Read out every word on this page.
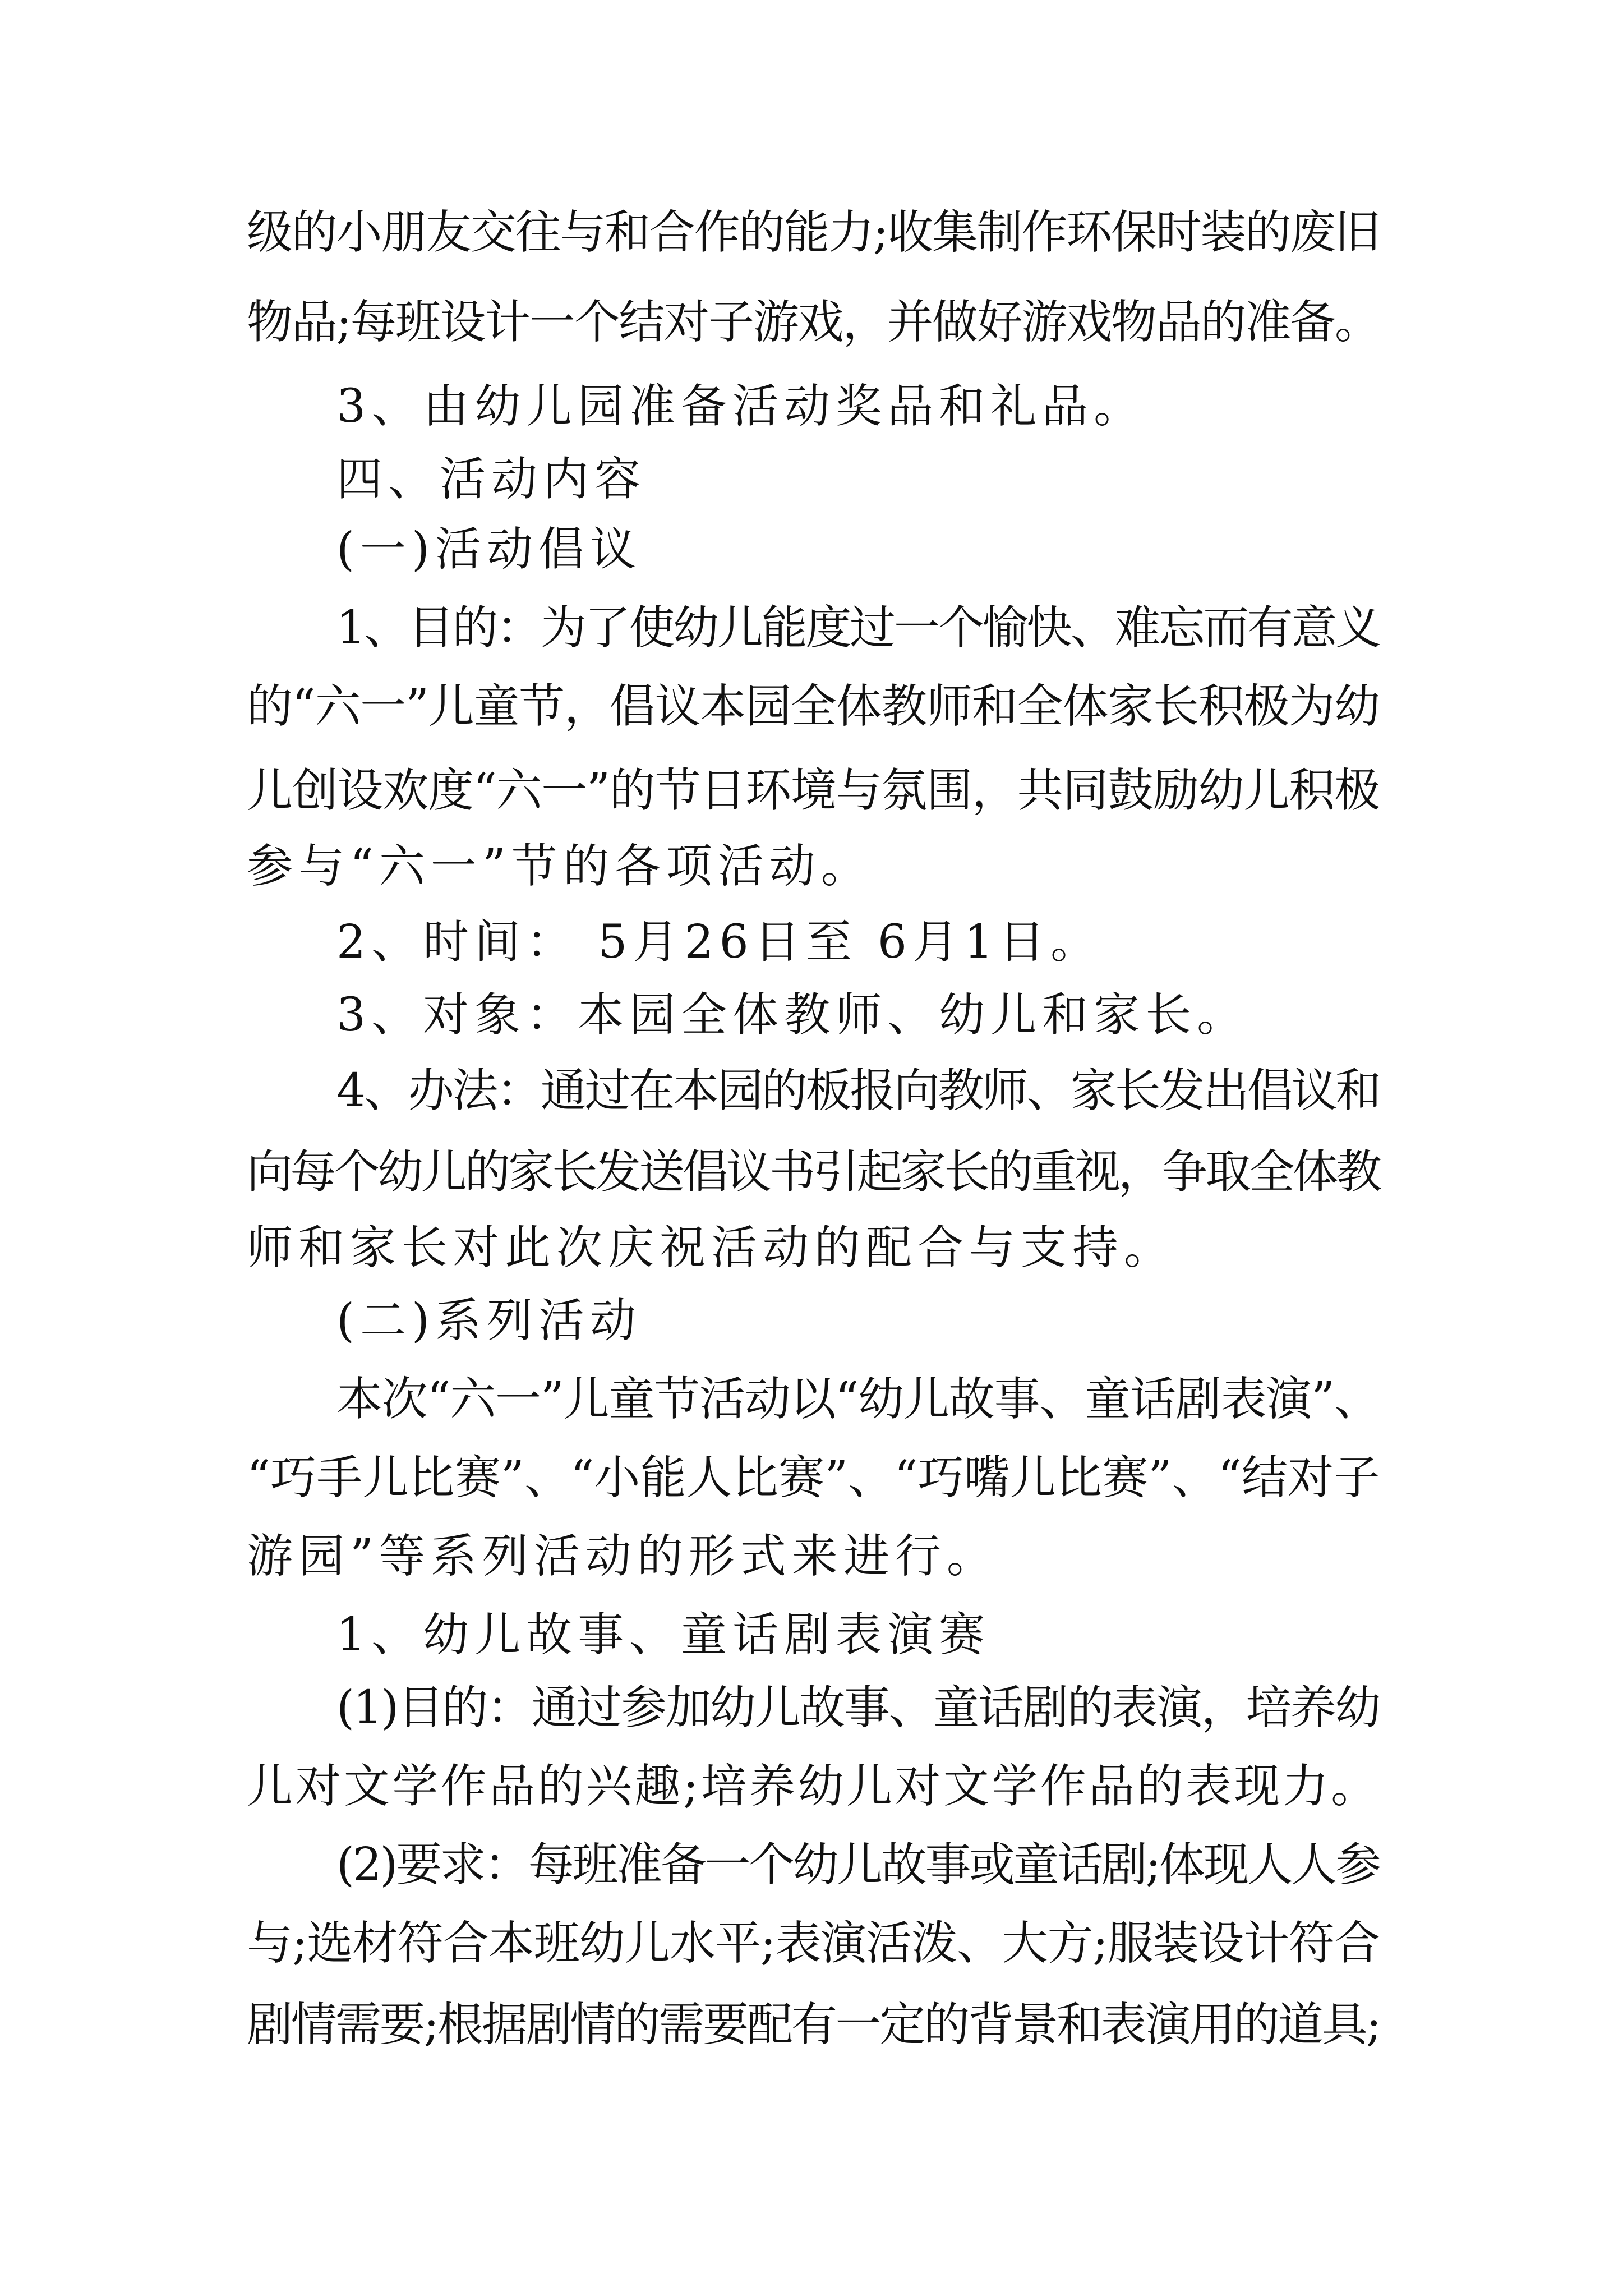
级的小朋友交往与和合作的能力;收集制作环保时装的废旧
物品;每班设计一个结对子游戏，并做好游戏物品的准备。
3、由幼儿园准备活动奖品和礼品。
四、活动内容
(一)活动倡议
1、目的：为了使幼儿能度过一个愉快、难忘而有意义
的“六一”儿童节，倡议本园全体教师和全体家长积极为幼
儿创设欢度“六一”的节日环境与氛围，共同鼓励幼儿积极
参与“六一”节的各项活动。
2、时间： 5月26日至 6月1日。
3、对象：本园全体教师、幼儿和家长。
4、办法：通过在本园的板报向教师、家长发出倡议和
向每个幼儿的家长发送倡议书引起家长的重视，争取全体教
师和家长对此次庆祝活动的配合与支持。
(二)系列活动
本次“六一”儿童节活动以“幼儿故事、童话剧表演”、
“巧手儿比赛”、“小能人比赛”、“巧嘴儿比赛”、“结对子
游园”等系列活动的形式来进行。
1、幼儿故事、童话剧表演赛
(1)目的：通过参加幼儿故事、童话剧的表演，培养幼
儿对文学作品的兴趣;培养幼儿对文学作品的表现力。
(2)要求：每班准备一个幼儿故事或童话剧;体现人人参
与;选材符合本班幼儿水平;表演活泼、大方;服装设计符合
剧情需要;根据剧情的需要配有一定的背景和表演用的道具;
